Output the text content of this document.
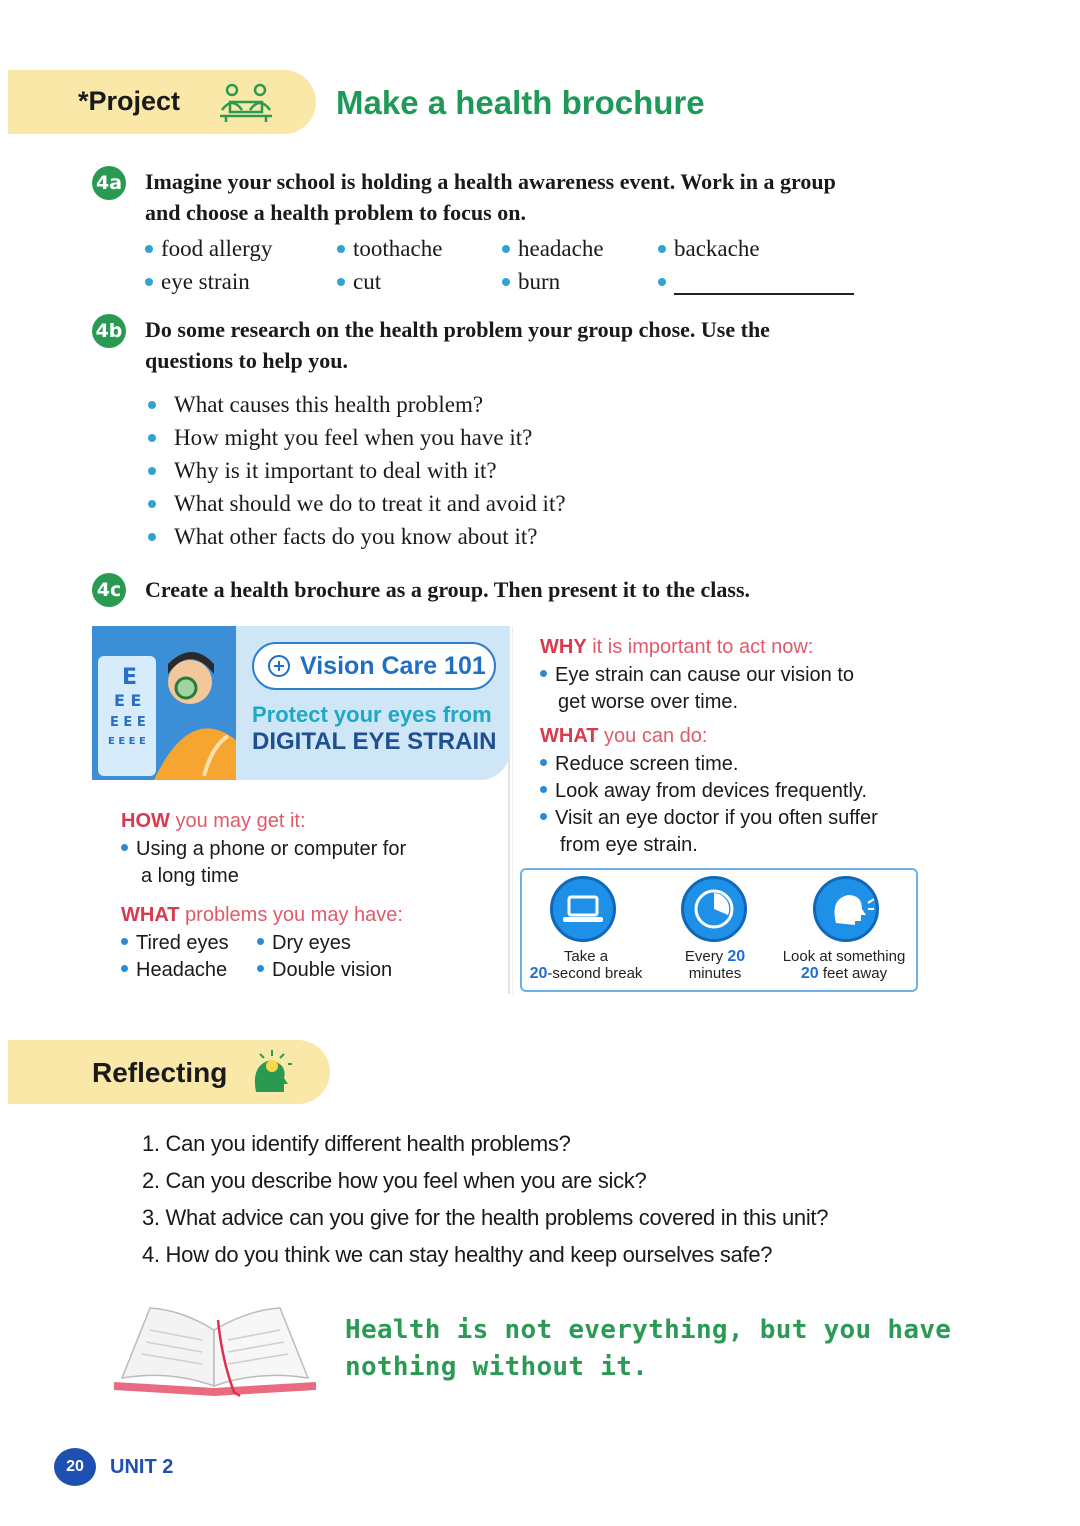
*Project	Make a health brochure
4a Imagine your school is holding a health awareness event. Work in a group
and choose a health problem to focus on.
food allergy	toothache	headache	backache
eye strain	cut	burn
4b Do some research on the health problem your group chose. Use the
questions to help you.
What causes this health problem?
How might you feel when you have it?
Why is it important to deal with it?
What should we do to treat it and avoid it?
What other facts do you know about it?
4c Create a health brochure as a group. Then present it to the class.
E
E E
E E E
E E E E
Vision Care 101
Protect your eyes from
DIGITAL EYE STRAIN
HOW you may get it:
Using a phone or computer for
a long time
WHAT problems you may have:
Tired eyes	Dry eyes
Headache	Double vision
WHY it is important to act now:
Eye strain can cause our vision to
get worse over time.
WHAT you can do:
Reduce screen time.
Look away from devices frequently.
Visit an eye doctor if you often suffer
from eye strain.
Take a
20-second break
Every 20
minutes
Look at something
20 feet away
Reflecting
1. Can you identify different health problems?
2. Can you describe how you feel when you are sick?
3. What advice can you give for the health problems covered in this unit?
4. How do you think we can stay healthy and keep ourselves safe?
Health is not everything, but you have
nothing without it.
20	UNIT 2
